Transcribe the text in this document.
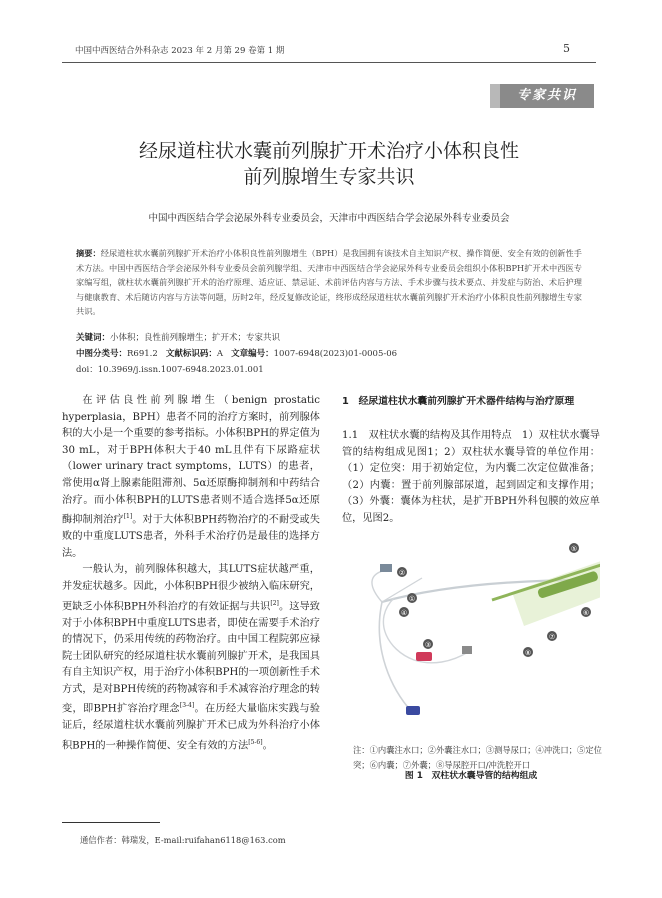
中国中西医结合外科杂志 2023 年 2 月第 29 卷第 1 期	5
专家共识
经尿道柱状水囊前列腺扩开术治疗小体积良性
前列腺增生专家共识
中国中西医结合学会泌尿外科专业委员会，天津市中西医结合学会泌尿外科专业委员会
摘要：经尿道柱状水囊前列腺扩开术治疗小体积良性前列腺增生（BPH）是我国拥有该技术自主知识产权、操作简便、安全有效的创新性手术方法。中国中西医结合学会泌尿外科专业委员会前列腺学组、天津市中西医结合学会泌尿外科专业委员会组织小体积BPH扩开术中西医专家编写组，就柱状水囊前列腺扩开术的治疗原理、适应证、禁忌证、术前评估内容与方法、手术步骤与技术要点、并发症与防治、术后护理与健康教育、术后随访内容与方法等问题，历时2年，经反复修改论证，终形成经尿道柱状水囊前列腺扩开术治疗小体积良性前列腺增生专家共识。
关键词：小体积；良性前列腺增生；扩开术；专家共识
中图分类号：R691.2 文献标识码：A 文章编号：1007-6948(2023)01-0005-06
doi：10.3969/j.issn.1007-6948.2023.01.001

在评估良性前列腺增生（benign prostatic hyperplasia，BPH）患者不同的治疗方案时，前列腺体积的大小是一个重要的参考指标。小体积BPH的界定值为30 mL，对于BPH体积大于40 mL且伴有下尿路症状（lower urinary tract symptoms，LUTS）的患者，常使用α肾上腺素能阻滞剂、5α还原酶抑制剂和中药结合治疗。而小体积BPH的LUTS患者则不适合选择5α还原酶抑制剂治疗[1]。对于大体积BPH药物治疗的不耐受或失败的中重度LUTS患者，外科手术治疗仍是最佳的选择方法。

一般认为，前列腺体积越大，其LUTS症状越严重，并发症状越多。因此，小体积BPH很少被纳入临床研究，更缺乏小体积BPH外科治疗的有效证据与共识[2]。这导致对于小体积BPH中重度LUTS患者，即使在需要手术治疗的情况下，仍采用传统的药物治疗。由中国工程院郭应禄院士团队研究的经尿道柱状水囊前列腺扩开术，是我国具有自主知识产权，用于治疗小体积BPH的一项创新性手术方式，是对BPH传统的药物减容和手术减容治疗理念的转变，即BPH扩容治疗理念[3-4]。在历经大量临床实践与验证后，经尿道柱状水囊前列腺扩开术已成为外科治疗小体积BPH的一种操作简便、安全有效的方法[5-6]。

1　经尿道柱状水囊前列腺扩开术器件结构与治疗原理

1.1　双柱状水囊的结构及其作用特点　1）双柱状水囊导管的结构组成见图1；2）双柱状水囊导管的单位作用：（1）定位突：用于初始定位，为内囊二次定位做准备；（2）内囊：置于前列腺部尿道，起到固定和支撑作用；（3）外囊：囊体为柱状，是扩开BPH外科包膜的效应单位，见图2。

①
②
③
④
⑤
⑥
⑦
⑧
注：①内囊注水口；②外囊注水口；③测导尿口；④冲洗口；⑤定位突；⑥内囊；⑦外囊；⑧导尿腔开口/冲洗腔开口
图 1　双柱状水囊导管的结构组成
通信作者：韩瑞发，E-mail:ruifahan6118@163.com
